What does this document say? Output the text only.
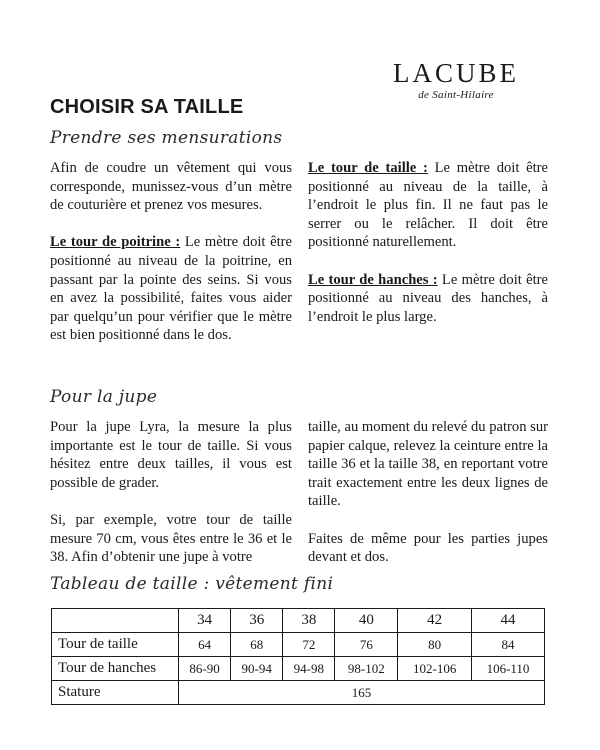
LACUBE
de Saint-Hilaire
CHOISIR SA TAILLE
Prendre ses mensurations

Afin de coudre un vêtement qui vous corresponde, munissez-vous d’un mètre de couturière et prenez vos mesures.

Le tour de poitrine : Le mètre doit être positionné au niveau de la poitrine, en passant par la pointe des seins. Si vous en avez la possibilité, faites vous aider par quelqu’un pour vérifier que le mètre est bien positionné dans le dos.

Le tour de taille : Le mètre doit être positionné au niveau de la taille, à l’endroit le plus fin. Il ne faut pas le serrer ou le relâcher. Il doit être positionné naturellement.

Le tour de hanches : Le mètre doit être positionné au niveau des hanches, à l’endroit le plus large.

Pour la jupe

Pour la jupe Lyra, la mesure la plus importante est le tour de taille. Si vous hésitez entre deux tailles, il vous est possible de grader.

Si, par exemple, votre tour de taille mesure 70 cm, vous êtes entre le 36 et le 38. Afin d’obtenir une jupe à votre

taille, au moment du relevé du patron sur papier calque, relevez la ceinture entre la taille 36 et la taille 38, en reportant votre trait exactement entre les deux lignes de taille.

Faites de même pour les parties jupes devant et dos.

Tableau de taille : vêtement fini
	34	36	38	40	42	44
Tour de taille	64	68	72	76	80	84
Tour de hanches	86-90	90-94	94-98	98-102	102-106	106-110
Stature	165					
